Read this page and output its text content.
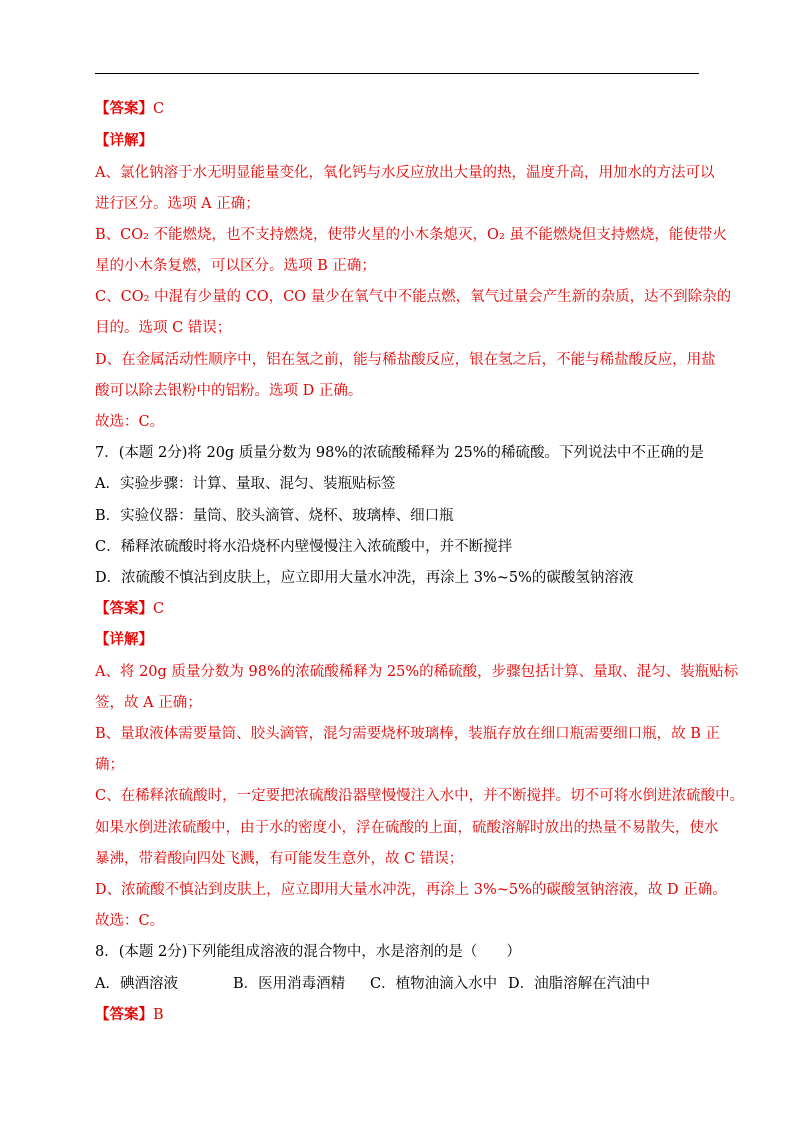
【答案】C
【详解】
A、氯化钠溶于水无明显能量变化，氧化钙与水反应放出大量的热，温度升高，用加水的方法可以
进行区分。选项 A 正确；
B、CO₂ 不能燃烧，也不支持燃烧，使带火星的小木条熄灭，O₂ 虽不能燃烧但支持燃烧，能使带火
星的小木条复燃，可以区分。选项 B 正确；
C、CO₂ 中混有少量的 CO，CO 量少在氧气中不能点燃，氧气过量会产生新的杂质，达不到除杂的
目的。选项 C 错误；
D、在金属活动性顺序中，铝在氢之前，能与稀盐酸反应，银在氢之后，不能与稀盐酸反应，用盐
酸可以除去银粉中的铝粉。选项 D 正确。
故选：C。
7．(本题 2分)将 20g 质量分数为 98%的浓硫酸稀释为 25%的稀硫酸。下列说法中不正确的是
A．实验步骤：计算、量取、混匀、装瓶贴标签
B．实验仪器：量筒、胶头滴管、烧杯、玻璃棒、细口瓶
C．稀释浓硫酸时将水沿烧杯内壁慢慢注入浓硫酸中，并不断搅拌
D．浓硫酸不慎沾到皮肤上，应立即用大量水冲洗，再涂上 3%~5%的碳酸氢钠溶液
【答案】C
【详解】
A、将 20g 质量分数为 98%的浓硫酸稀释为 25%的稀硫酸，步骤包括计算、量取、混匀、装瓶贴标
签，故 A 正确；
B、量取液体需要量筒、胶头滴管，混匀需要烧杯玻璃棒，装瓶存放在细口瓶需要细口瓶，故 B 正
确；
C、在稀释浓硫酸时，一定要把浓硫酸沿器壁慢慢注入水中，并不断搅拌。切不可将水倒进浓硫酸中。
如果水倒进浓硫酸中，由于水的密度小，浮在硫酸的上面，硫酸溶解时放出的热量不易散失，使水
暴沸，带着酸向四处飞溅，有可能发生意外，故 C 错误；
D、浓硫酸不慎沾到皮肤上，应立即用大量水冲洗，再涂上 3%~5%的碳酸氢钠溶液，故 D 正确。
故选：C。
8．(本题 2分)下列能组成溶液的混合物中，水是溶剂的是（　　）
A．碘酒溶液	B．医用消毒酒精 C．植物油滴入水中 D．油脂溶解在汽油中
【答案】B
